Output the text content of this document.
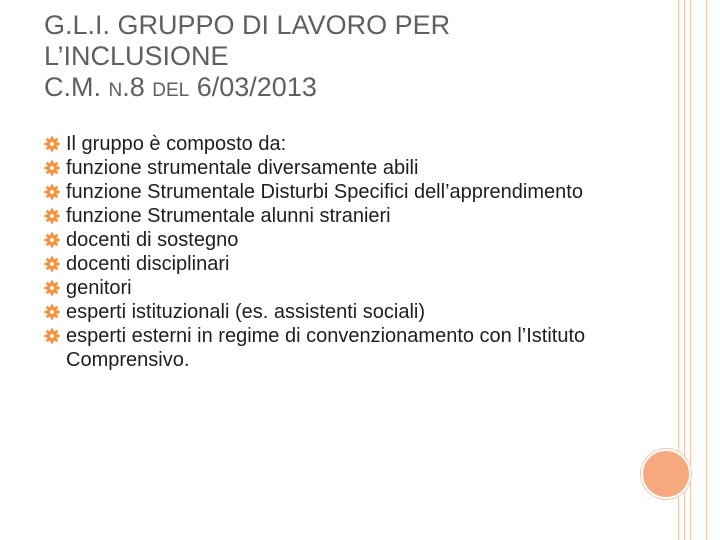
G.L.I. GRUPPO DI LAVORO PER
L’INCLUSIONE
C.M. N.8 DEL 6/03/2013
Il gruppo è composto da:
funzione strumentale diversamente abili
funzione Strumentale Disturbi Specifici dell’apprendimento
funzione Strumentale alunni stranieri
docenti di sostegno
docenti disciplinari
genitori
esperti istituzionali (es. assistenti sociali)
esperti esterni in regime di convenzionamento con l’Istituto Comprensivo.
